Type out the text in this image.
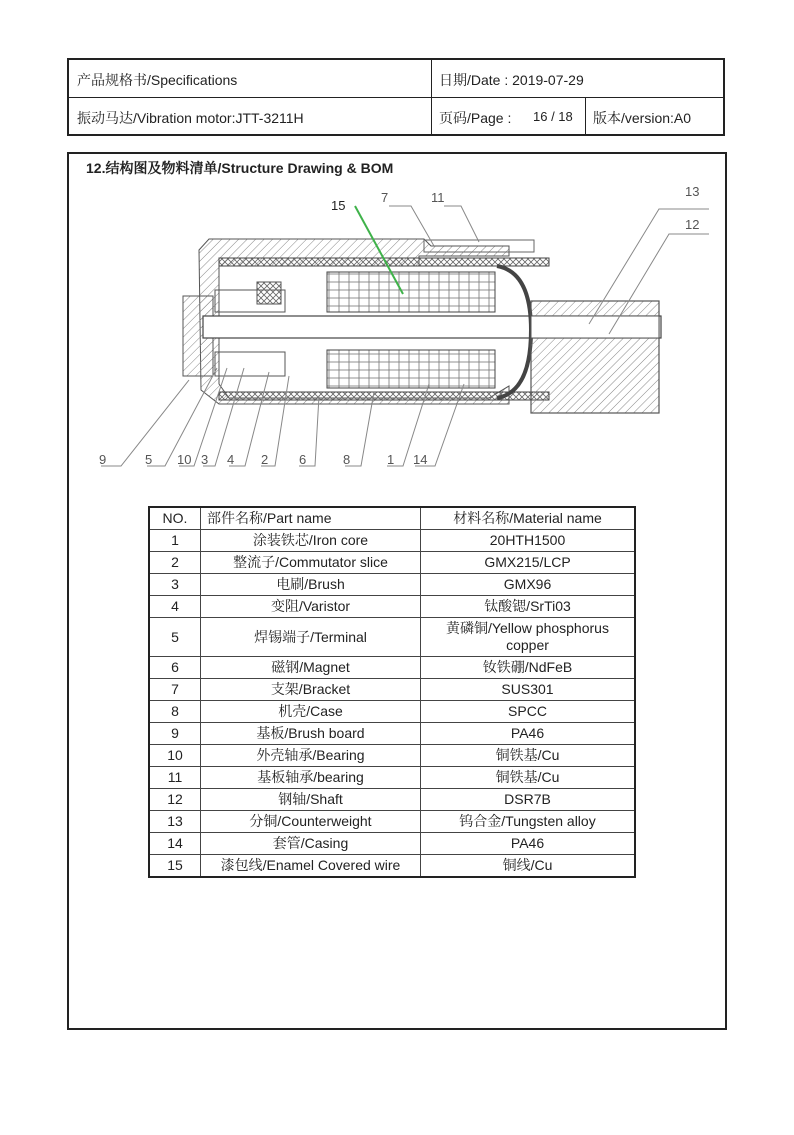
产品规格书/Specifications	日期/Date : 2019-07-29
振动马达/Vibration motor:JTT-3211H	页码/Page : 16 / 18 版本/version:A0
12.结构图及物料清单/Structure Drawing & BOM
15
7	11	13
12
9	5 10 3 4 2 6	8	1 14
NO.	部件名称/Part name	材料名称/Material name
1	涂装铁芯/Iron core	20HTH1500
2	整流子/Commutator slice	GMX215/LCP
3	电刷/Brush	GMX96
4	变阻/Varistor	钛酸锶/SrTi03
5	焊锡端子/Terminal	黄磷铜/Yellow phosphorus copper
6	磁钢/Magnet	钕铁硼/NdFeB
7	支架/Bracket	SUS301
8	机壳/Case	SPCC
9	基板/Brush board	PA46
10	外壳轴承/Bearing	铜铁基/Cu
11	基板轴承/bearing	铜铁基/Cu
12	钢轴/Shaft	DSR7B
13	分铜/Counterweight	钨合金/Tungsten alloy
14	套管/Casing	PA46
15	漆包线/Enamel Covered wire	铜线/Cu
